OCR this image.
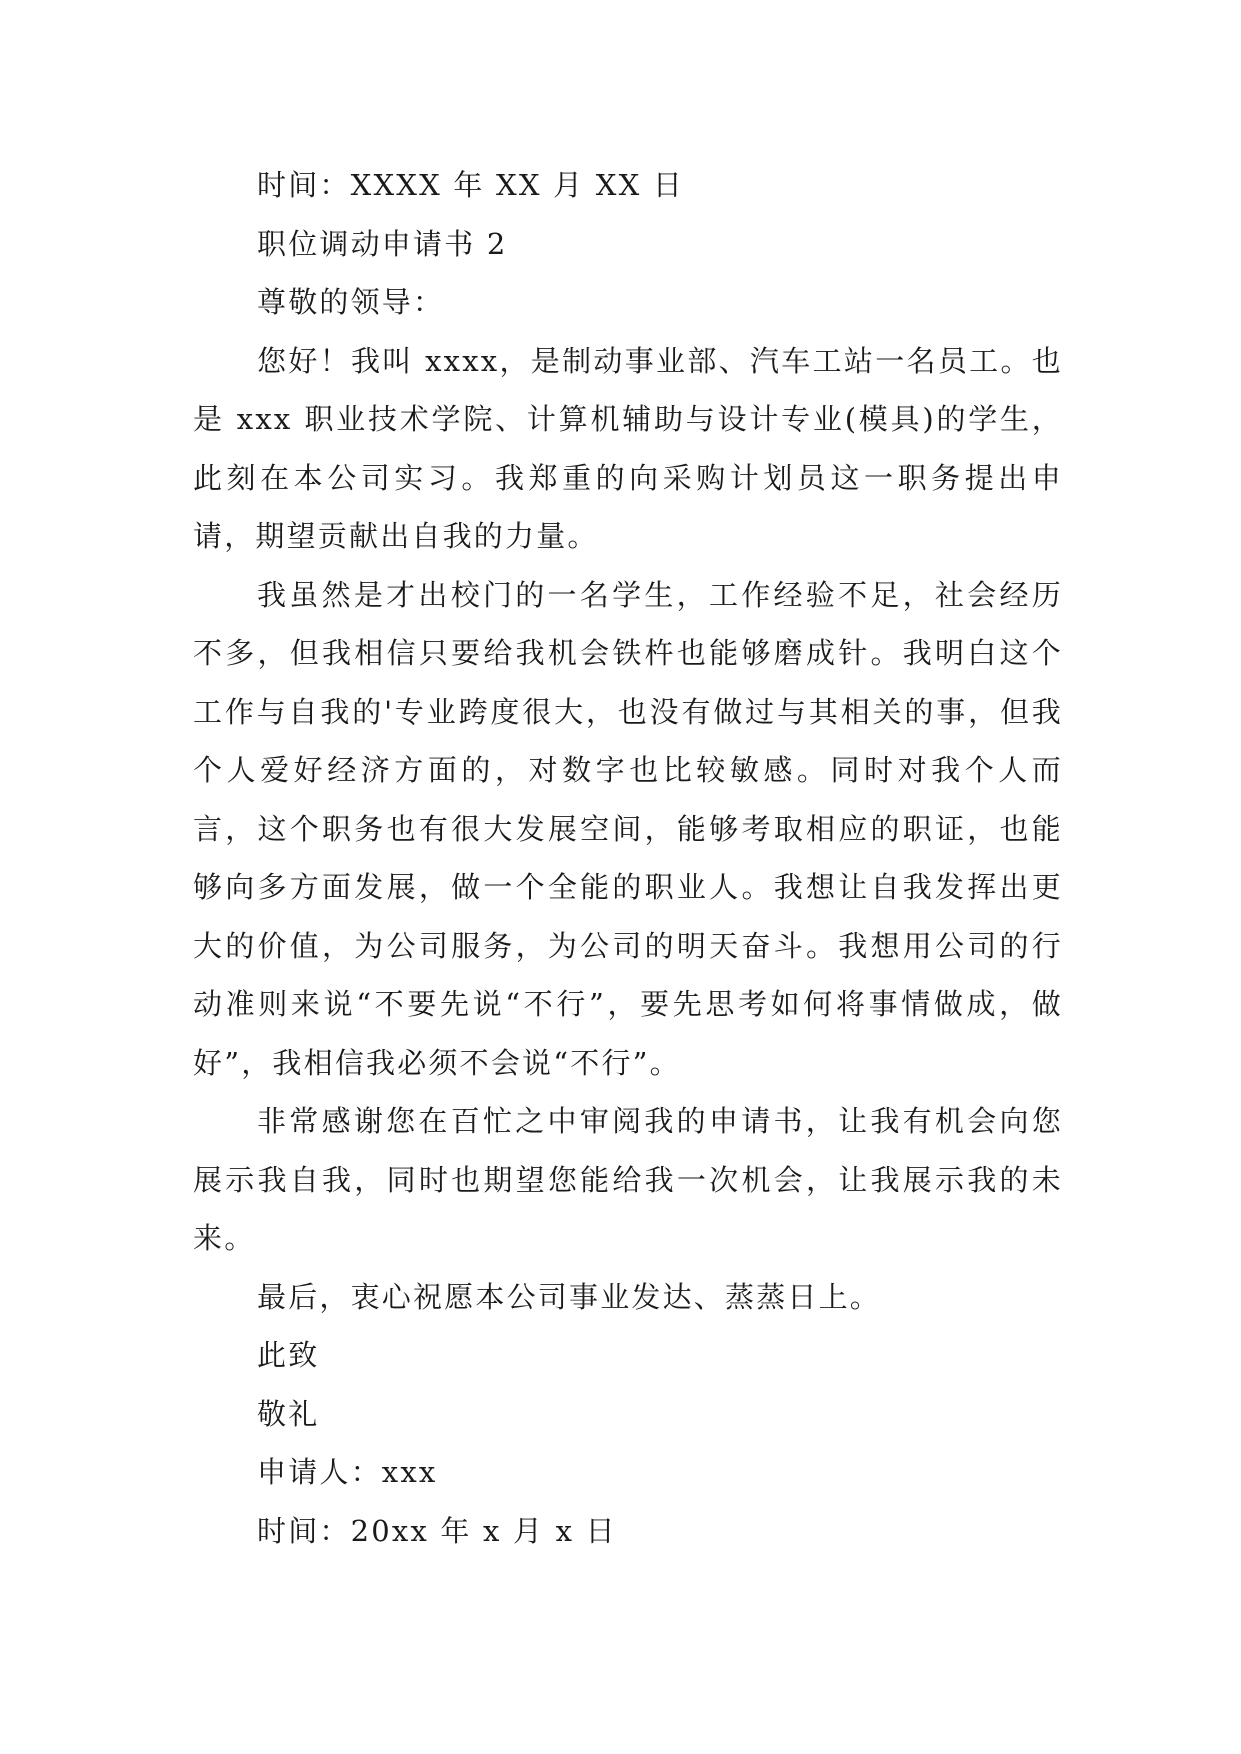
时间：XXXX 年 XX 月 XX 日
职位调动申请书 2
尊敬的领导：

您好！我叫 xxxx，是制动事业部、汽车工站一名员工。也是 xxx 职业技术学院、计算机辅助与设计专业(模具)的学生，此刻在本公司实习。我郑重的向采购计划员这一职务提出申请，期望贡献出自我的力量。

我虽然是才出校门的一名学生，工作经验不足，社会经历不多，但我相信只要给我机会铁杵也能够磨成针。我明白这个工作与自我的'专业跨度很大，也没有做过与其相关的事，但我个人爱好经济方面的，对数字也比较敏感。同时对我个人而言，这个职务也有很大发展空间，能够考取相应的职证，也能够向多方面发展，做一个全能的职业人。我想让自我发挥出更大的价值，为公司服务，为公司的明天奋斗。我想用公司的行动准则来说“不要先说“不行”，要先思考如何将事情做成，做好”，我相信我必须不会说“不行”。

非常感谢您在百忙之中审阅我的申请书，让我有机会向您展示我自我，同时也期望您能给我一次机会，让我展示我的未来。

最后，衷心祝愿本公司事业发达、蒸蒸日上。
此致
敬礼
申请人：xxx
时间：20xx 年 x 月 x 日
